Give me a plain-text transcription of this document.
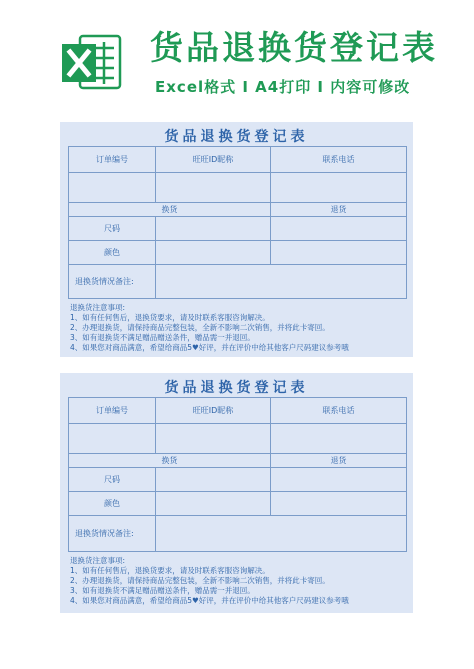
货品退换货登记表
Excel格式 I A4打印 I 内容可修改
货品退换货登记表
订单编号	旺旺ID昵称	联系电话

换货		退货
尺码		
颜色		
退换货情况备注:		
退换货注意事项:
1、如有任何售后，退换货要求，请及时联系客服咨询解决。
2、办理退换货，请保持商品完整包装，全新不影响二次销售，并将此卡寄回。
3、如有退换货不满足赠品赠送条件，赠品需一并退回。
4、如果您对商品满意，希望给商品5♥好评，并在评价中给其他客户尺码建议参考哦
货品退换货登记表
订单编号	旺旺ID昵称	联系电话

换货		退货
尺码		
颜色		
退换货情况备注:		
退换货注意事项:
1、如有任何售后，退换货要求，请及时联系客服咨询解决。
2、办理退换货，请保持商品完整包装，全新不影响二次销售，并将此卡寄回。
3、如有退换货不满足赠品赠送条件，赠品需一并退回。
4、如果您对商品满意，希望给商品5♥好评，并在评价中给其他客户尺码建议参考哦
